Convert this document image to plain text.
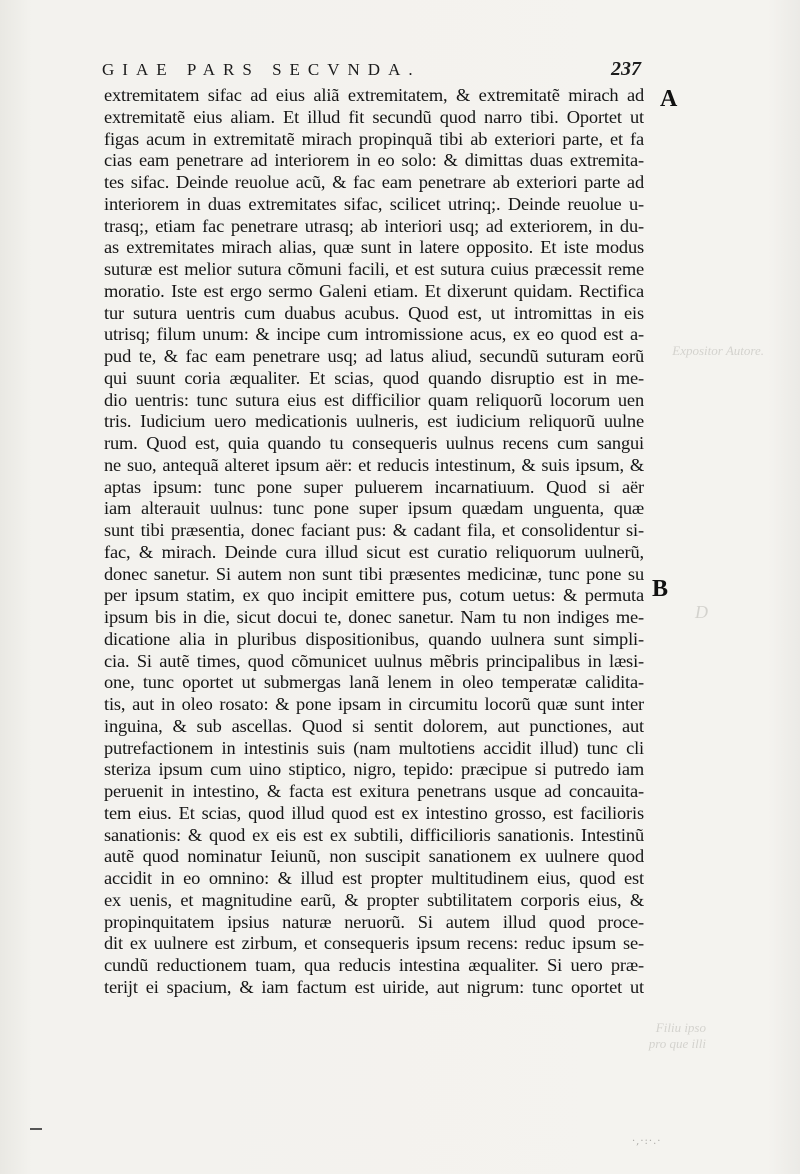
GIAE PARS SECVNDA.	237
A
B
Expositor Autore.
Filiu ipso pro que illi
D
extremitatem sifac ad eius aliã extremitatem, & extremitatẽ mirach ad
extremitatẽ eius aliam. Et illud fit secundũ quod narro tibi. Oportet ut
figas acum in extremitatẽ mirach propinquã tibi ab exteriori parte, et fa
cias eam penetrare ad interiorem in eo solo: & dimittas duas extremita-
tes sifac. Deinde reuolue acũ, & fac eam penetrare ab exteriori parte ad
interiorem in duas extremitates sifac, scilicet utrinq;. Deinde reuolue u-
trasq;, etiam fac penetrare utrasq; ab interiori usq; ad exteriorem, in du-
as extremitates mirach alias, quæ sunt in latere opposito. Et iste modus
suturæ est melior sutura cõmuni facili, et est sutura cuius præcessit reme
moratio. Iste est ergo sermo Galeni etiam. Et dixerunt quidam. Rectifica
tur sutura uentris cum duabus acubus. Quod est, ut intromittas in eis
utrisq; filum unum: & incipe cum intromissione acus, ex eo quod est a-
pud te, & fac eam penetrare usq; ad latus aliud, secundũ suturam eorũ
qui suunt coria æqualiter. Et scias, quod quando disruptio est in me-
dio uentris: tunc sutura eius est difficilior quam reliquorũ locorum uen
tris. Iudicium uero medicationis uulneris, est iudicium reliquorũ uulne
rum. Quod est, quia quando tu consequeris uulnus recens cum sangui
ne suo, antequã alteret ipsum aër: et reducis intestinum, & suis ipsum, &
aptas ipsum: tunc pone super puluerem incarnatiuum. Quod si aër
iam alterauit uulnus: tunc pone super ipsum quædam unguenta, quæ
sunt tibi præsentia, donec faciant pus: & cadant fila, et consolidentur si-
fac, & mirach. Deinde cura illud sicut est curatio reliquorum uulnerũ,
donec sanetur. Si autem non sunt tibi præsentes medicinæ, tunc pone su
per ipsum statim, ex quo incipit emittere pus, cotum uetus: & permuta
ipsum bis in die, sicut docui te, donec sanetur. Nam tu non indiges me-
dicatione alia in pluribus dispositionibus, quando uulnera sunt simpli-
cia. Si autẽ times, quod cõmunicet uulnus mẽbris principalibus in læsi-
one, tunc oportet ut submergas lanã lenem in oleo temperatæ calidita-
tis, aut in oleo rosato: & pone ipsam in circumitu locorũ quæ sunt inter
inguina, & sub ascellas. Quod si sentit dolorem, aut punctiones, aut
putrefactionem in intestinis suis (nam multotiens accidit illud) tunc cli
steriza ipsum cum uino stiptico, nigro, tepido: præcipue si putredo iam
peruenit in intestino, & facta est exitura penetrans usque ad concauita-
tem eius. Et scias, quod illud quod est ex intestino grosso, est facilioris
sanationis: & quod ex eis est ex subtili, difficilioris sanationis. Intestinũ
autẽ quod nominatur Ieiunũ, non suscipit sanationem ex uulnere quod
accidit in eo omnino: & illud est propter multitudinem eius, quod est
ex uenis, et magnitudine earũ, & propter subtilitatem corporis eius, &
propinquitatem ipsius naturæ neruorũ. Si autem illud quod proce-
dit ex uulnere est zirbum, et consequeris ipsum recens: reduc ipsum se-
cundũ reductionem tuam, qua reducis intestina æqualiter. Si uero præ-
terijt ei spacium, & iam factum est uiride, aut nigrum: tunc oportet ut
·,·:·.·
